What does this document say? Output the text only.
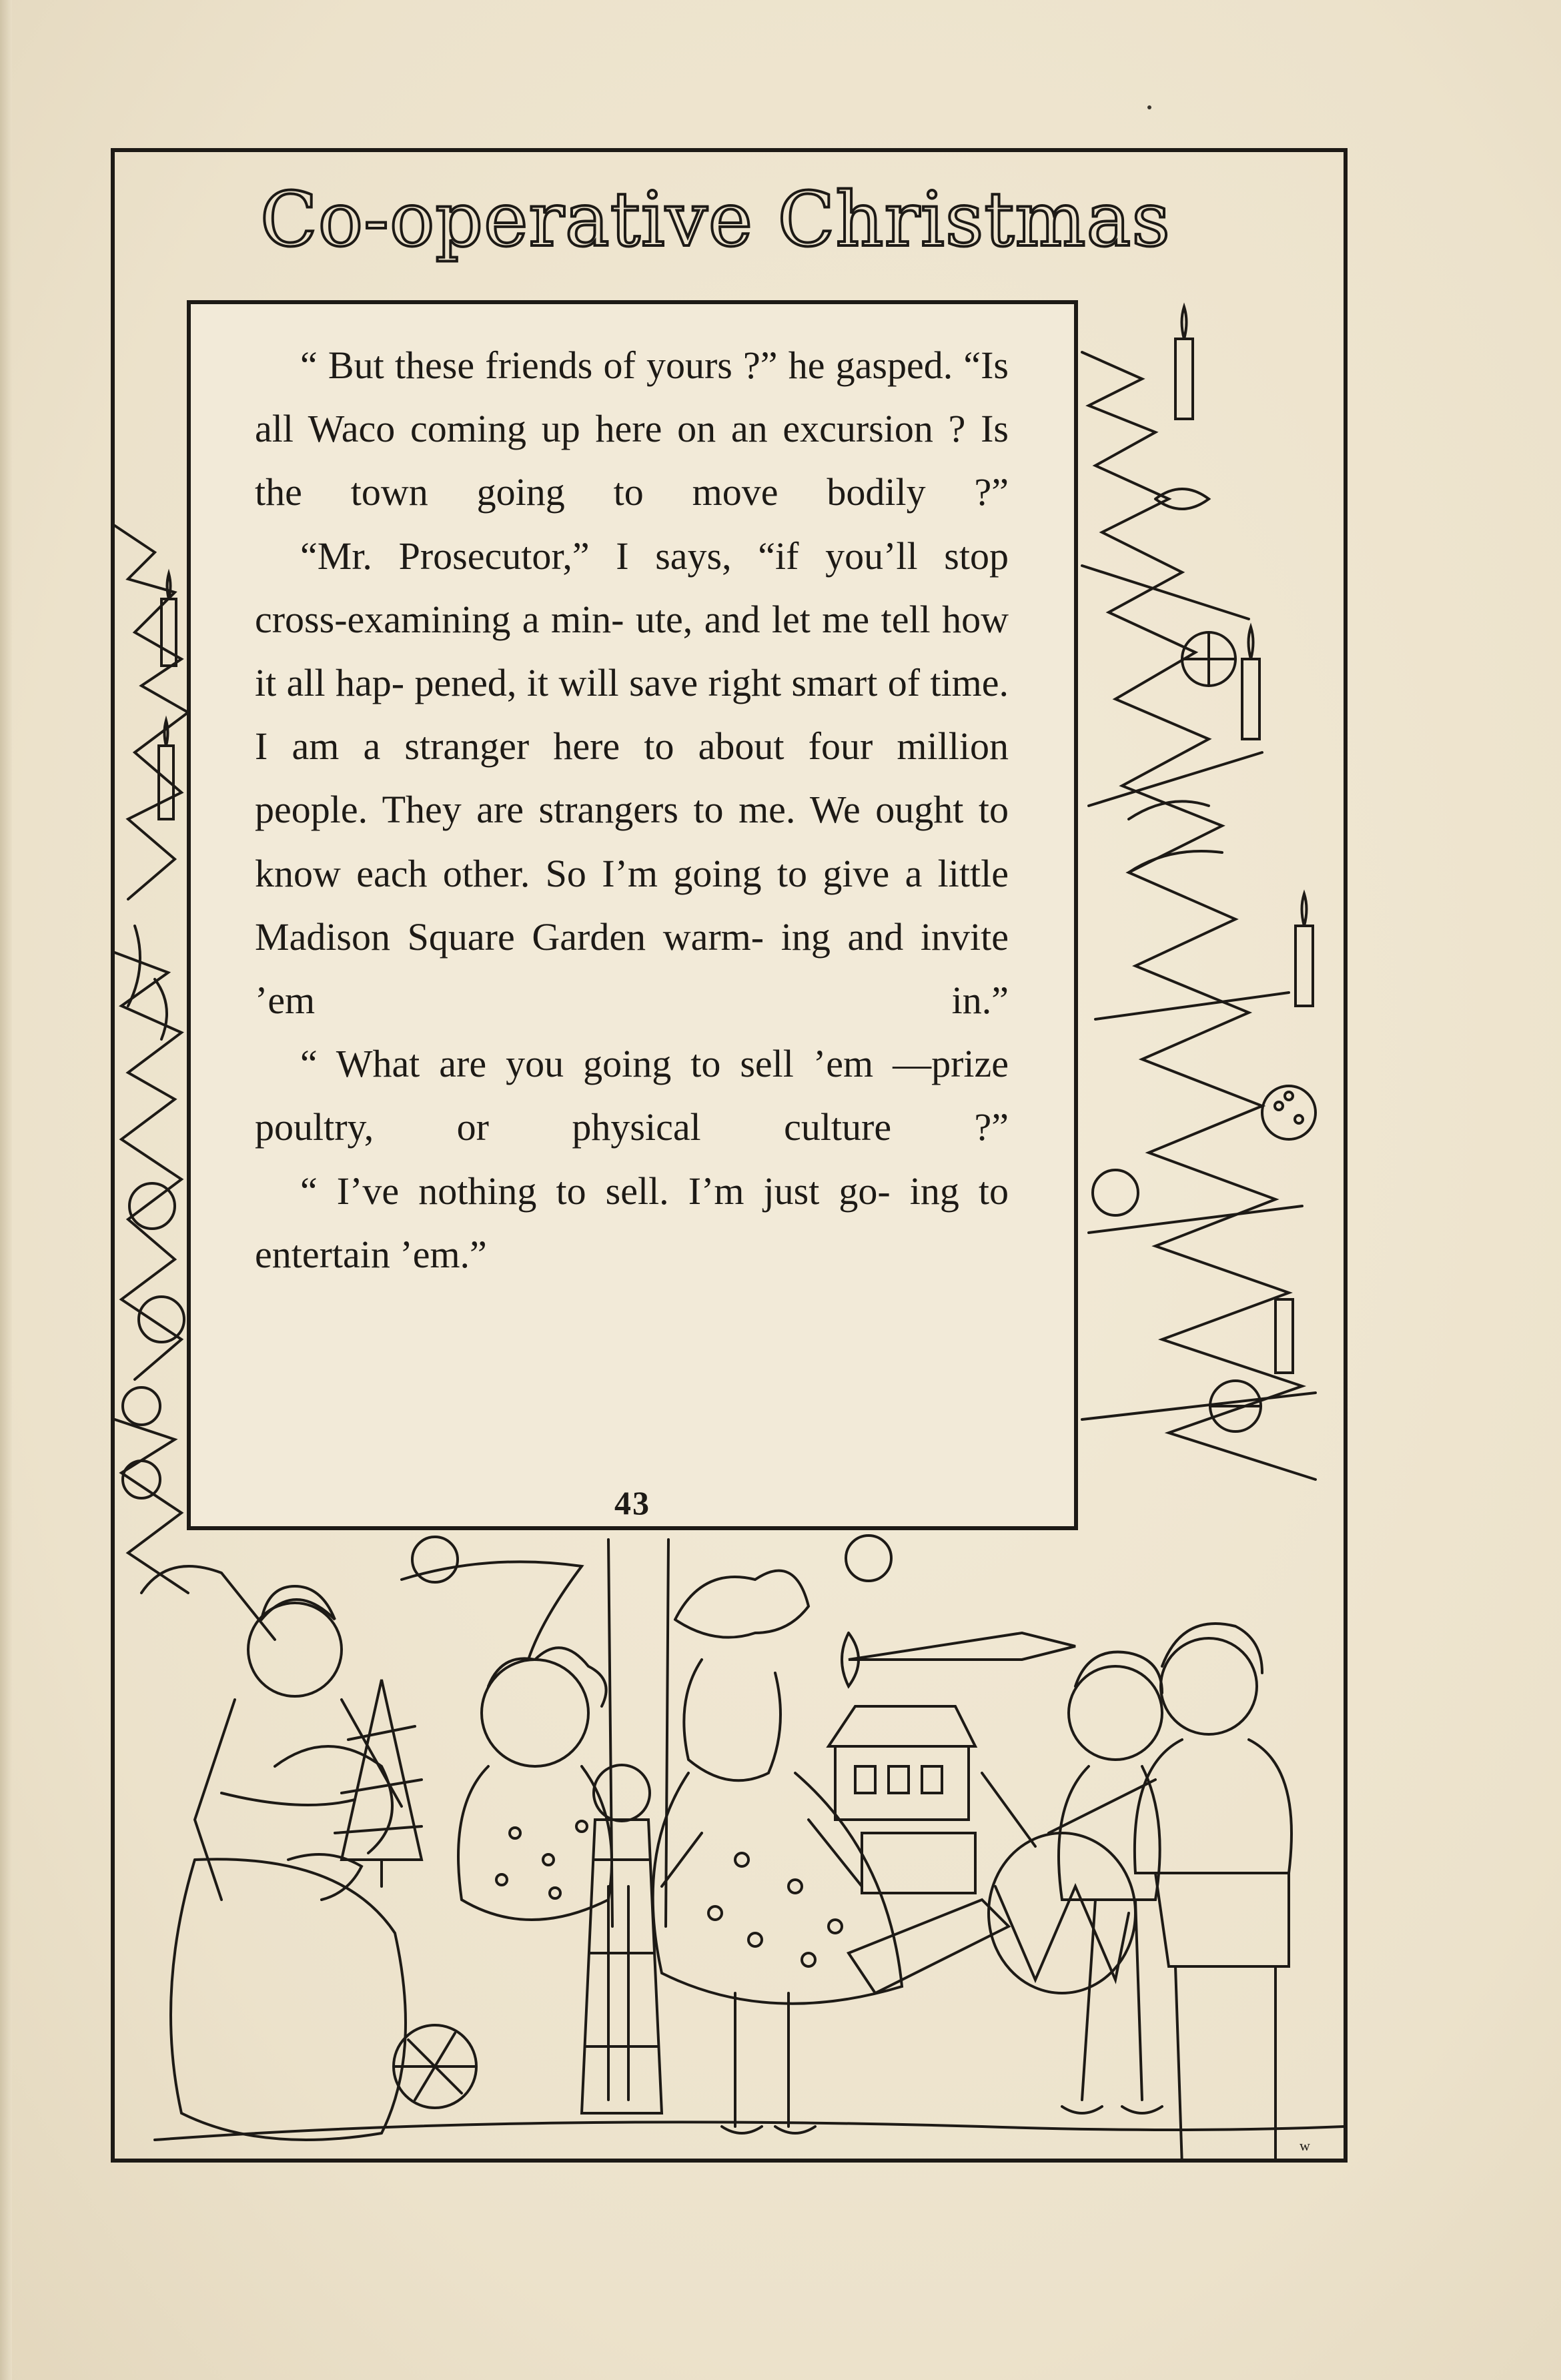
Co-operative Christmas
w

“ But these friends of yours ?” he gasped. “Is all Waco coming up here on an excursion ? Is the town going to move bodily ?”

“Mr. Prosecutor,” I says, “if you’ll stop cross-examining a min- ute, and let me tell how it all hap- pened, it will save right smart of time. I am a stranger here to about four million people. They are strangers to me. We ought to know each other. So I’m going to give a little Madison Square Garden warm- ing and invite ’em in.”

“ What are you going to sell ’em —prize poultry, or physical culture ?”

“ I’ve nothing to sell. I’m just go- ing to entertain ’em.”

43
